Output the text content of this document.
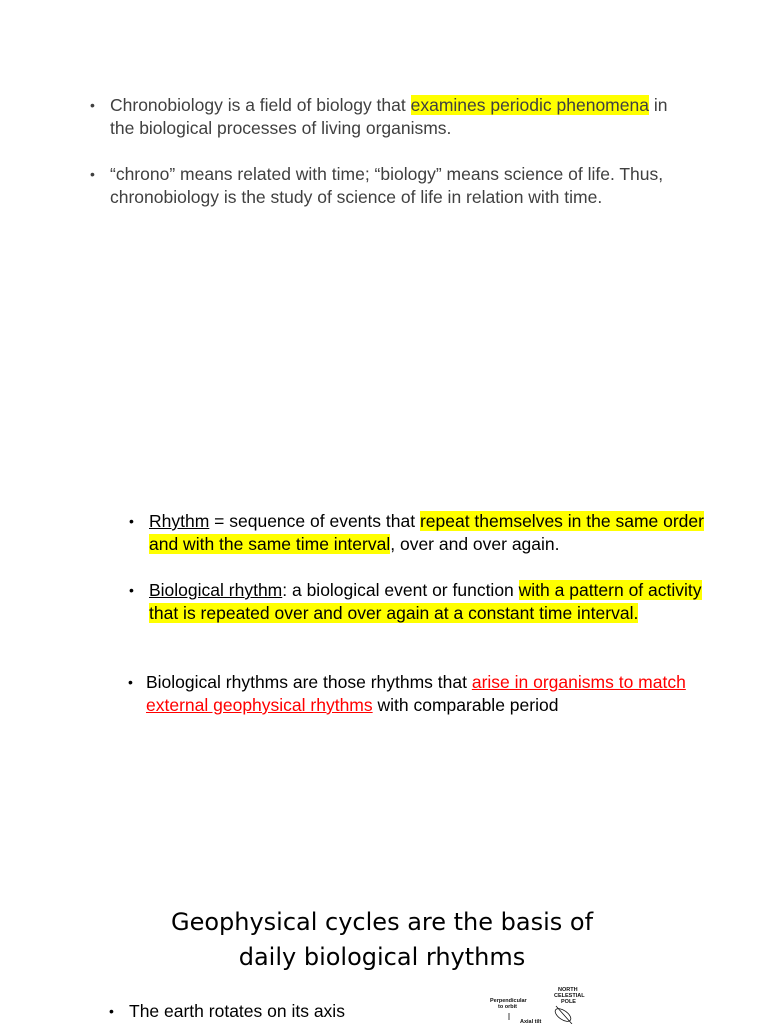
• Chronobiology is a field of biology that examines periodic phenomena in the biological processes of living organisms.
• “chrono” means related with time; “biology” means science of life. Thus, chronobiology is the study of science of life in relation with time.
• Rhythm = sequence of events that repeat themselves in the same order and with the same time interval, over and over again.
• Biological rhythm: a biological event or function with a pattern of activity that is repeated over and over again at a constant time interval.
• Biological rhythms are those rhythms that arise in organisms to match external geophysical rhythms with comparable period
Geophysical cycles are the basis of daily biological rhythms
• The earth rotates on its axis
NORTH
CELESTIAL
POLE
Perpendicular
to orbit
Axial tilt
